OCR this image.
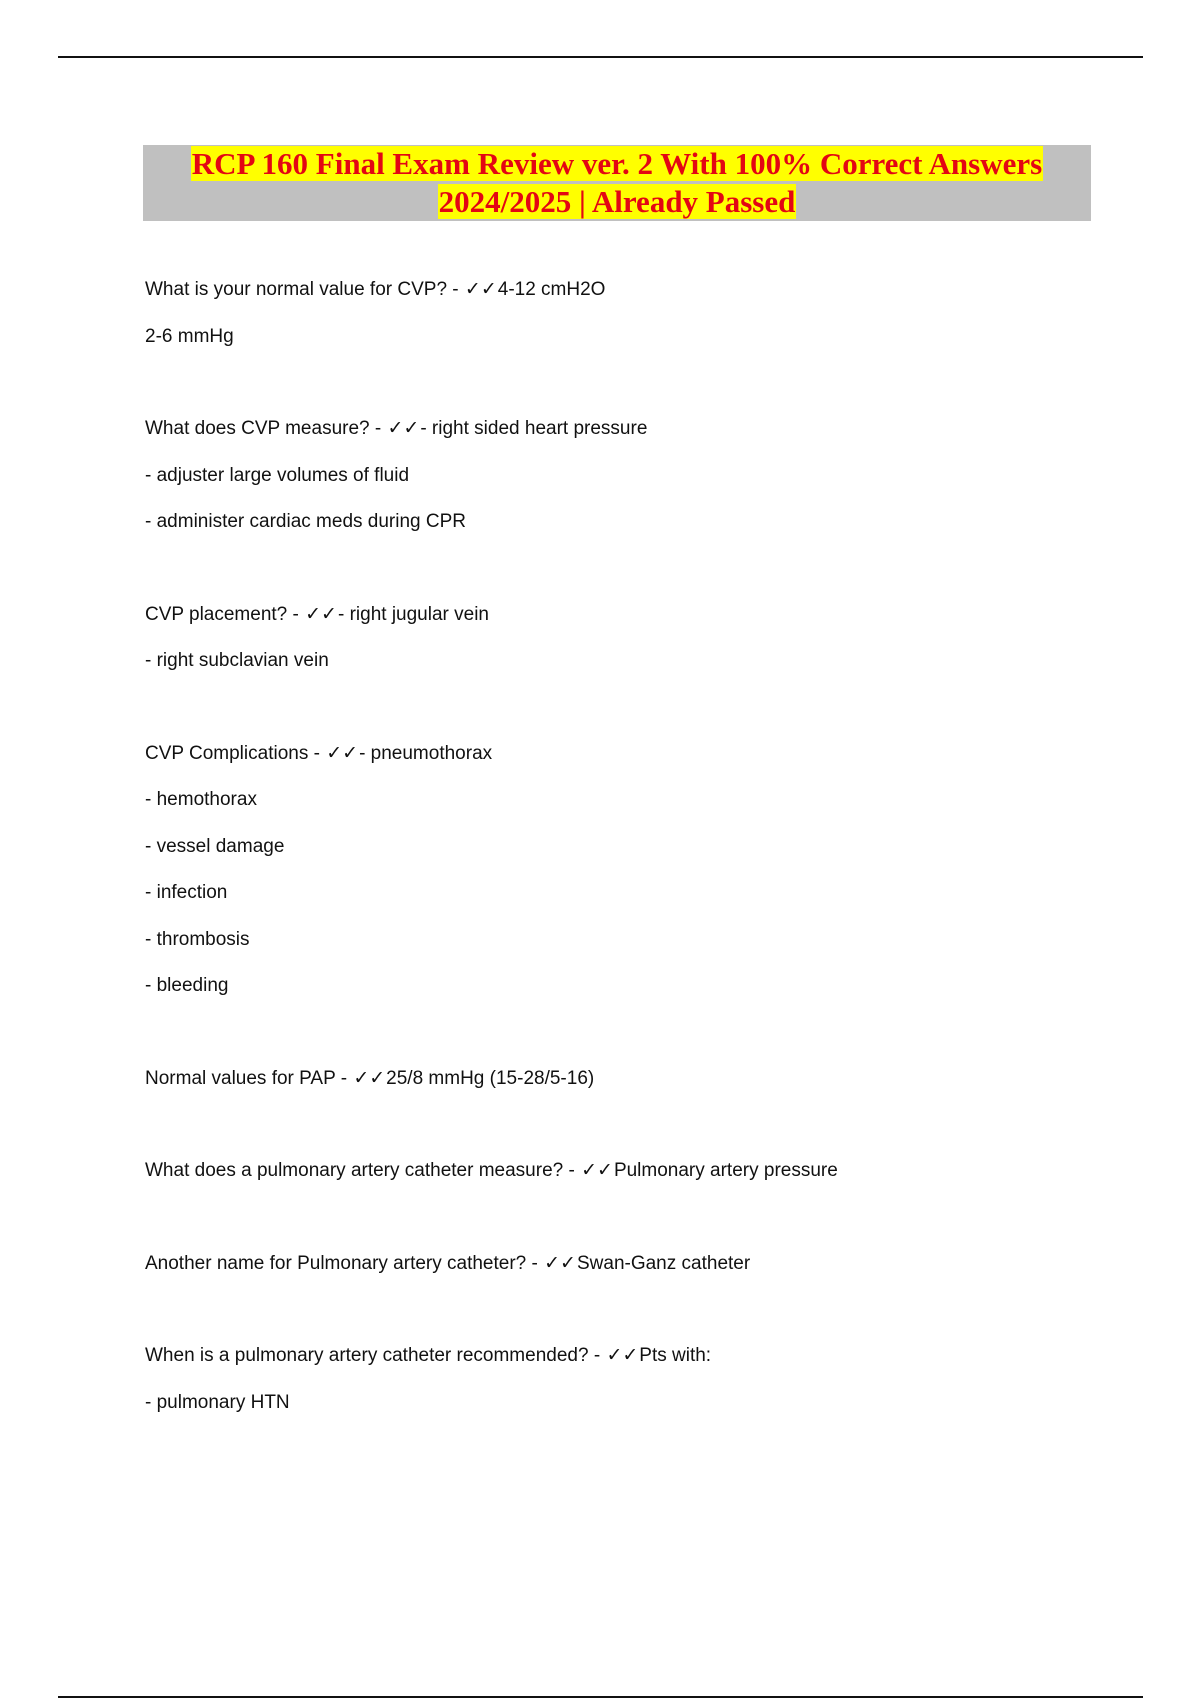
RCP 160 Final Exam Review ver. 2 With 100% Correct Answers
2024/2025 | Already Passed
What is your normal value for CVP? - ✓✓4-12 cmH2O
2-6 mmHg
What does CVP measure? - ✓✓- right sided heart pressure
- adjuster large volumes of fluid
- administer cardiac meds during CPR
CVP placement? - ✓✓- right jugular vein
- right subclavian vein
CVP Complications - ✓✓- pneumothorax
- hemothorax
- vessel damage
- infection
- thrombosis
- bleeding
Normal values for PAP - ✓✓25/8 mmHg (15-28/5-16)
What does a pulmonary artery catheter measure? - ✓✓Pulmonary artery pressure
Another name for Pulmonary artery catheter? - ✓✓Swan-Ganz catheter
When is a pulmonary artery catheter recommended? - ✓✓Pts with:
- pulmonary HTN
